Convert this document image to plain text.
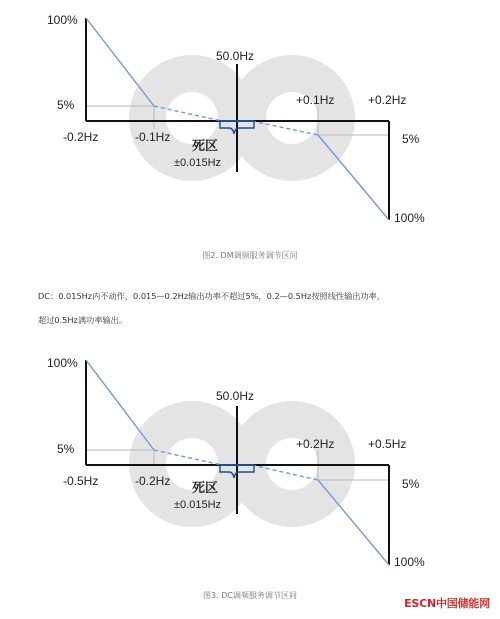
100%
50.0Hz
5%
-0.2Hz	-0.1Hz
+0.1Hz	+0.2Hz
5%
100%
死区
±0.015Hz
图2. DM调频服务调节区间
DC：0.015Hz内不动作，0.015—0.2Hz输出功率不超过5%，0.2—0.5Hz按照线性输出功率，
超过0.5Hz满功率输出。
100%
50.0Hz
5%
-0.5Hz	-0.2Hz
+0.2Hz	+0.5Hz
5%
100%
死区
±0.015Hz
图3. DC调频服务调节区间
ESCN中国储能网
